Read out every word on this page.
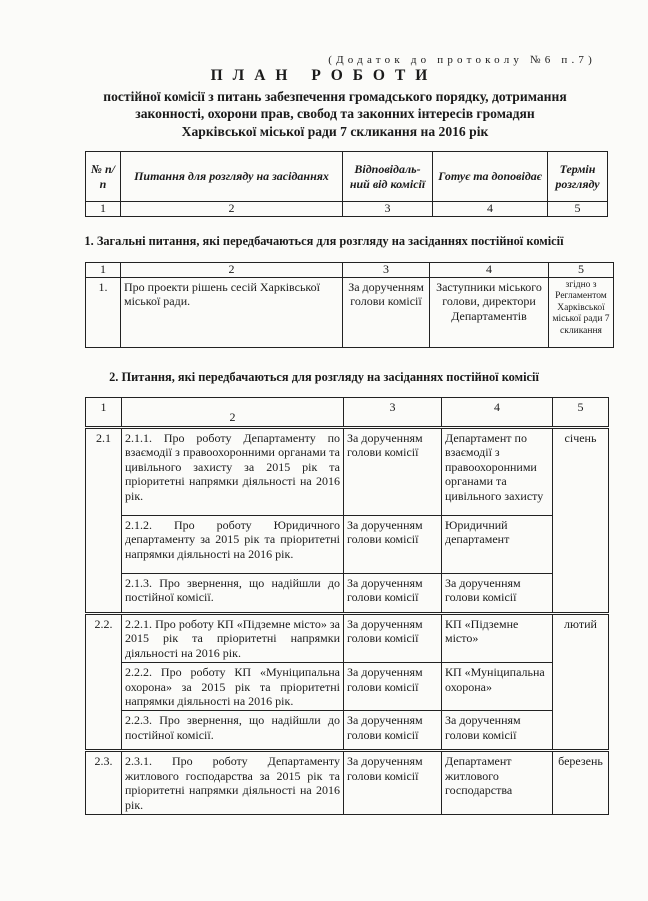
(Додаток до протоколу №6 п.7)
ПЛАН РОБОТИ
постійної комісії з питань забезпечення громадського порядку, дотримання
законності, охорони прав, свобод та законних інтересів громадян
Харківської міської ради 7 скликання на 2016 рік
№ п/п	Питання для розгляду на засіданнях	Відповідаль-ний від комісії	Готує та доповідає	Термін розгляду
1	2	3	4	5
1. Загальні питання, які передбачаються для розгляду на засіданнях постійної комісії
1	2	3	4	5
1.	Про проекти рішень сесій Харківської міської ради.	За дорученням голови комісії	Заступники міського голови, директори Департаментів	згідно з Регламентом Харківської міської ради 7 скликання
2. Питання, які передбачаються для розгляду на засіданнях постійної комісії
1	2	3	4	5
2.1	2.1.1. Про роботу Департаменту по взаємодії з правоохоронними органами та цивільного захисту за 2015 рік та пріоритетні напрямки діяльності на 2016 рік.	За дорученням голови комісії	Департамент по взаємодії з правоохоронними органами та цивільного захисту	січень
	2.1.2. Про роботу Юридичного департаменту за 2015 рік та пріоритетні напрямки діяльності на 2016 рік.	За дорученням голови комісії	Юридичний департамент	
	2.1.3. Про звернення, що надійшли до постійної комісії.	За дорученням голови комісії	За дорученням голови комісії	
2.2.	2.2.1. Про роботу КП «Підземне місто» за 2015 рік та пріоритетні напрямки діяльності на 2016 рік.	За дорученням голови комісії	КП «Підземне місто»	лютий
	2.2.2. Про роботу КП «Муніципальна охорона» за 2015 рік та пріоритетні напрямки діяльності на 2016 рік.	За дорученням голови комісії	КП «Муніципальна охорона»	
	2.2.3. Про звернення, що надійшли до постійної комісії.	За дорученням голови комісії	За дорученням голови комісії	
2.3.	2.3.1. Про роботу Департаменту житлового господарства за 2015 рік та пріоритетні напрямки діяльності на 2016 рік.	За дорученням голови комісії	Департамент житлового господарства	березень
